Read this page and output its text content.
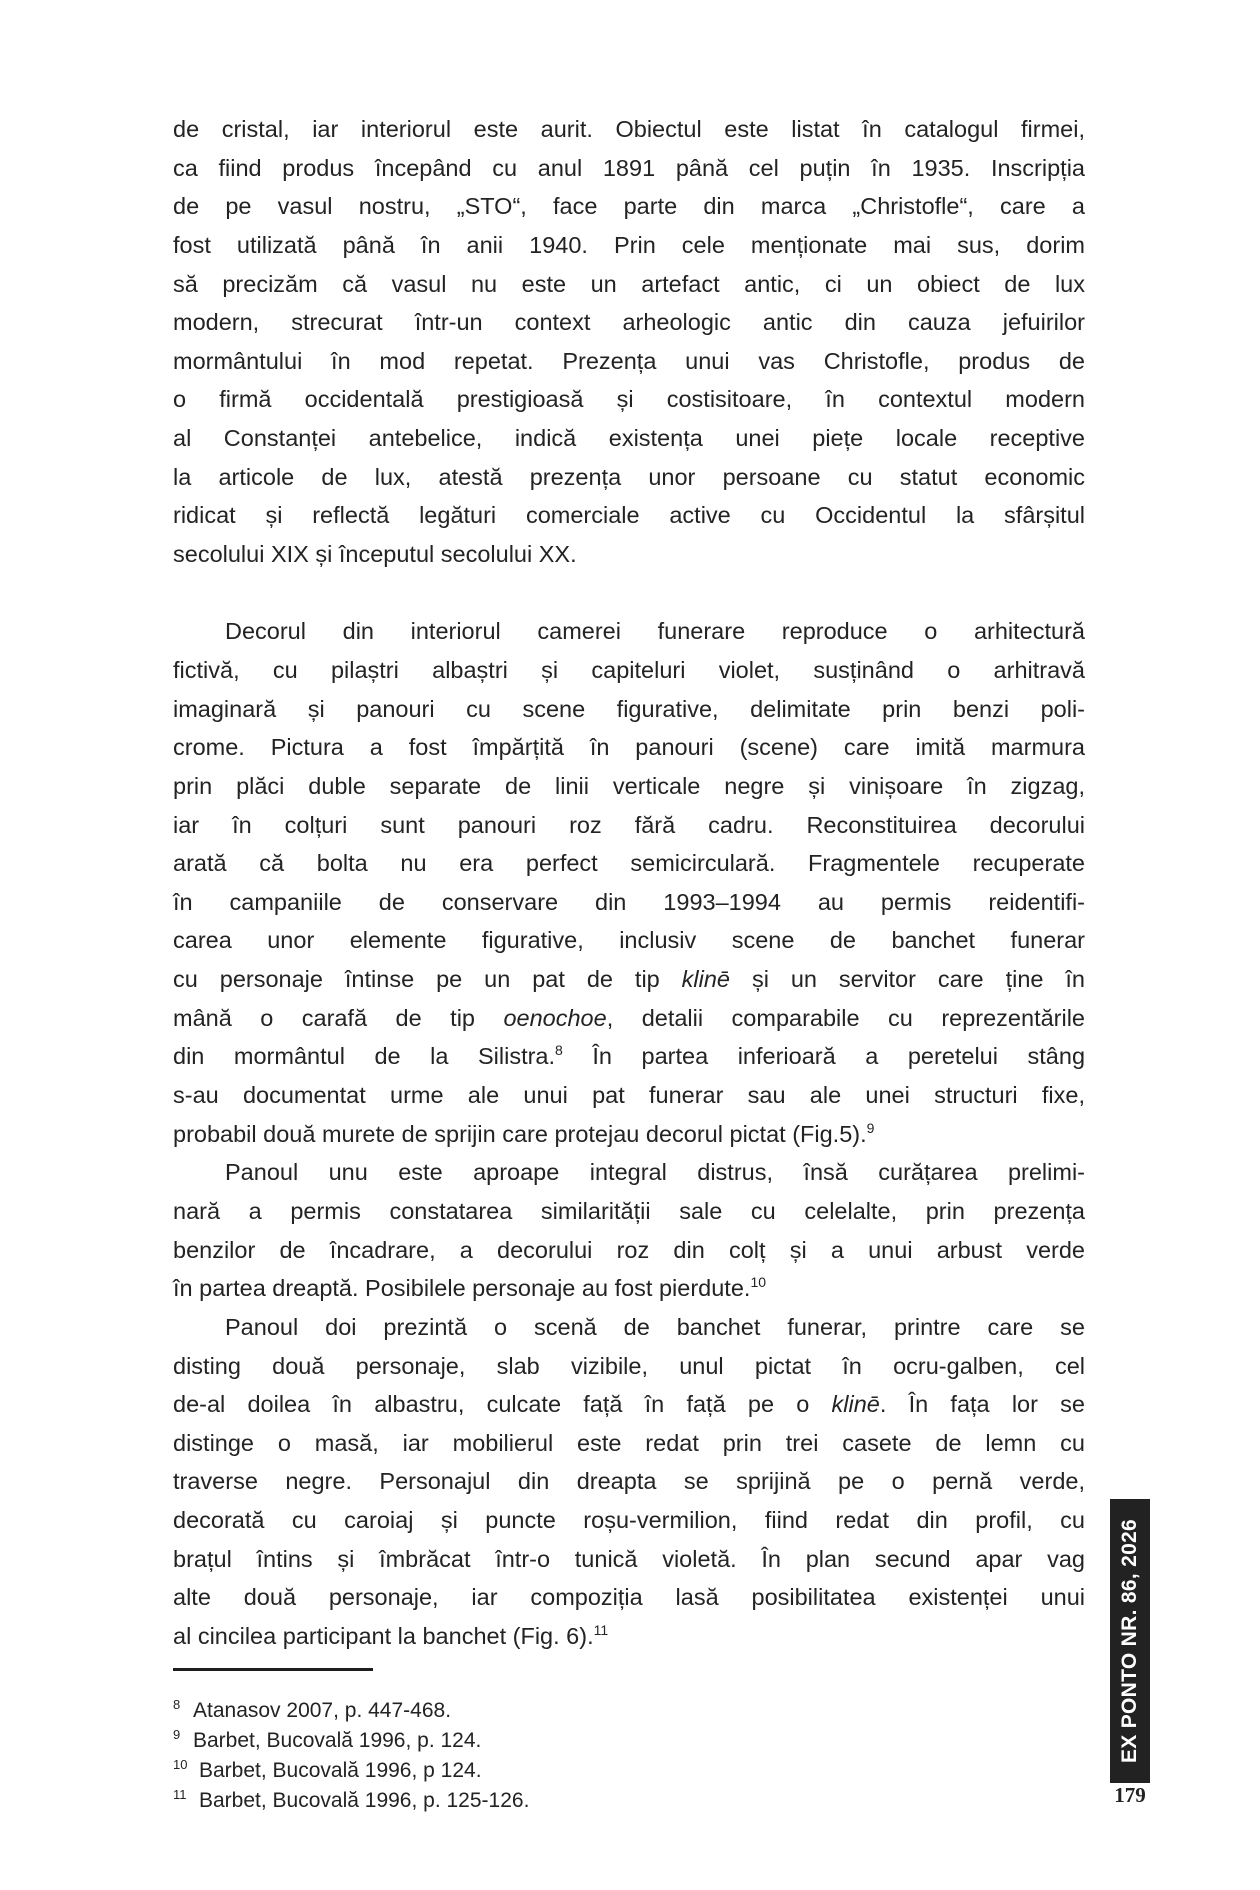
de cristal, iar interiorul este aurit. Obiectul este listat în catalogul firmei,
ca fiind produs începând cu anul 1891 până cel puțin în 1935. Inscripția
de pe vasul nostru, „STO“, face parte din marca „Christofle“, care a
fost utilizată până în anii 1940. Prin cele menționate mai sus, dorim
să precizăm că vasul nu este un artefact antic, ci un obiect de lux
modern, strecurat într-un context arheologic antic din cauza jefuirilor
mormântului în mod repetat. Prezența unui vas Christofle, produs de
o firmă occidentală prestigioasă și costisitoare, în contextul modern
al Constanței antebelice, indică existența unei piețe locale receptive
la articole de lux, atestă prezența unor persoane cu statut economic
ridicat și reflectă legături comerciale active cu Occidentul la sfârșitul
secolului XIX și începutul secolului XX.
Decorul din interiorul camerei funerare reproduce o arhitectură
fictivă, cu pilaștri albaștri și capiteluri violet, susținând o arhitravă
imaginară și panouri cu scene figurative, delimitate prin benzi poli-
crome. Pictura a fost împărțită în panouri (scene) care imită marmura
prin plăci duble separate de linii verticale negre și vinișoare în zigzag,
iar în colțuri sunt panouri roz fără cadru. Reconstituirea decorului
arată că bolta nu era perfect semicirculară. Fragmentele recuperate
în campaniile de conservare din 1993–1994 au permis reidentifi-
carea unor elemente figurative, inclusiv scene de banchet funerar
cu personaje întinse pe un pat de tip klinē și un servitor care ține în
mână o carafă de tip oenochoe, detalii comparabile cu reprezentările
din mormântul de la Silistra.$^8$ În partea inferioară a peretelui stâng
s-au documentat urme ale unui pat funerar sau ale unei structuri fixe,
probabil două murete de sprijin care protejau decorul pictat (Fig.5).$^9$
Panoul unu este aproape integral distrus, însă curățarea prelimi-
nară a permis constatarea similarității sale cu celelalte, prin prezența
benzilor de încadrare, a decorului roz din colț și a unui arbust verde
în partea dreaptă. Posibilele personaje au fost pierdute.$^{10}$
Panoul doi prezintă o scenă de banchet funerar, printre care se
disting două personaje, slab vizibile, unul pictat în ocru-galben, cel
de-al doilea în albastru, culcate față în față pe o klinē. În fața lor se
distinge o masă, iar mobilierul este redat prin trei casete de lemn cu
traverse negre. Personajul din dreapta se sprijină pe o pernă verde,
decorată cu caroiaj și puncte roșu-vermilion, fiind redat din profil, cu
brațul întins și îmbrăcat într-o tunică violetă. În plan secund apar vag
alte două personaje, iar compoziția lasă posibilitatea existenței unui
al cincilea participant la banchet (Fig. 6).$^{11}$
8 Atanasov 2007, p. 447-468.
9 Barbet, Bucovală 1996, p. 124.
10 Barbet, Bucovală 1996, p 124.
11 Barbet, Bucovală 1996, p. 125-126.
EX PONTO NR. 86, 2026
179
